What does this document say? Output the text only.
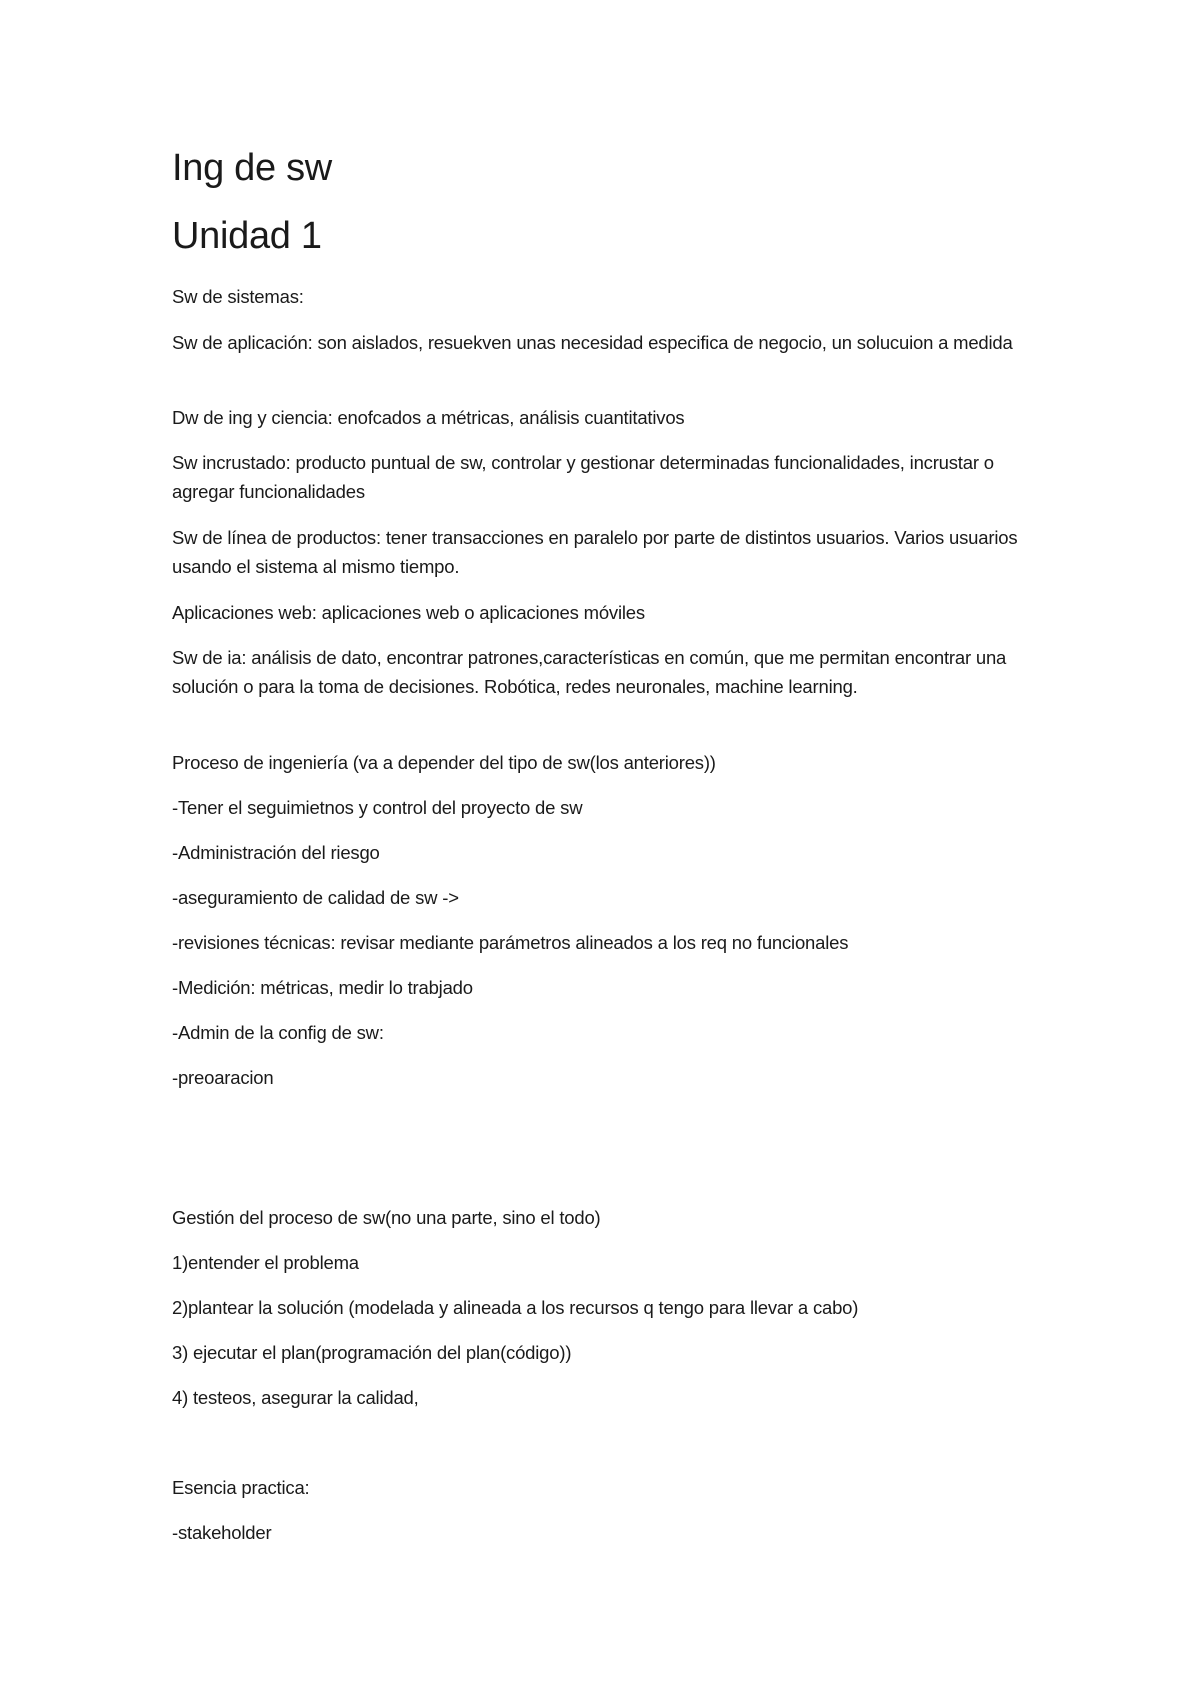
Ing de sw
Unidad 1

Sw de sistemas:

Sw de aplicación: son aislados, resuekven unas necesidad especifica de negocio, un solucuion a medida

Dw de ing y ciencia: enofcados a métricas, análisis cuantitativos

Sw incrustado: producto puntual de sw, controlar y gestionar determinadas funcionalidades, incrustar o agregar funcionalidades

Sw de línea de productos: tener transacciones en paralelo por parte de distintos usuarios. Varios usuarios usando el sistema al mismo tiempo.

Aplicaciones web: aplicaciones web o aplicaciones móviles

Sw de ia: análisis de dato, encontrar patrones,características en común, que me permitan encontrar una solución o para la toma de decisiones. Robótica, redes neuronales, machine learning.

Proceso de ingeniería (va a depender del tipo de sw(los anteriores))

-Tener el seguimietnos y control del proyecto de sw

-Administración del riesgo

-aseguramiento de calidad de sw ->

-revisiones técnicas: revisar mediante parámetros alineados a los req no funcionales

-Medición: métricas, medir lo trabjado

-Admin de la config de sw:

-preoaracion

Gestión del proceso de sw(no una parte, sino el todo)

1)entender el problema

2)plantear la solución (modelada y alineada a los recursos q tengo para llevar a cabo)

3) ejecutar el plan(programación del plan(código))

4) testeos, asegurar la calidad,

Esencia practica:

-stakeholder
